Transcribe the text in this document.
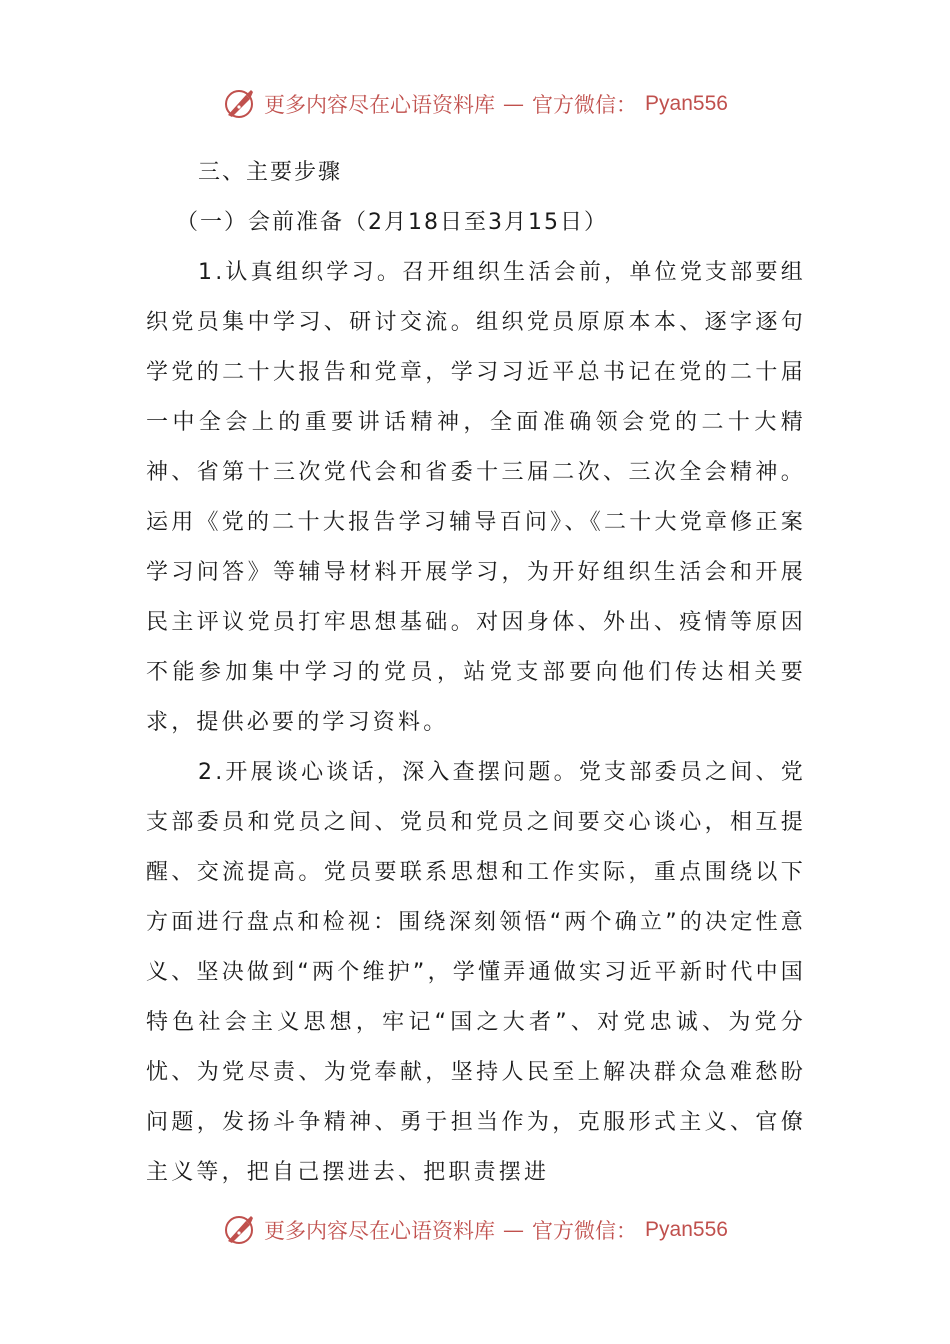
更多内容尽在心语资料库 — 官方微信： Pyan556
三、主要步骤
（一）会前准备（2月18日至3月15日）

1.认真组织学习。召开组织生活会前，单位党支部要组织党员集中学习、研讨交流。组织党员原原本本、逐字逐句学党的二十大报告和党章，学习习近平总书记在党的二十届一中全会上的重要讲话精神，全面准确领会党的二十大精神、省第十三次党代会和省委十三届二次、三次全会精神。运用《党的二十大报告学习辅导百问》、《二十大党章修正案学习问答》等辅导材料开展学习，为开好组织生活会和开展民主评议党员打牢思想基础。对因身体、外出、疫情等原因不能参加集中学习的党员，站党支部要向他们传达相关要求，提供必要的学习资料。

2.开展谈心谈话，深入查摆问题。党支部委员之间、党支部委员和党员之间、党员和党员之间要交心谈心，相互提醒、交流提高。党员要联系思想和工作实际，重点围绕以下方面进行盘点和检视：围绕深刻领悟“两个确立”的决定性意义、坚决做到“两个维护”，学懂弄通做实习近平新时代中国特色社会主义思想，牢记“国之大者”、对党忠诚、为党分忧、为党尽责、为党奉献，坚持人民至上解决群众急难愁盼问题，发扬斗争精神、勇于担当作为，克服形式主义、官僚主义等，把自己摆进去、把职责摆进

更多内容尽在心语资料库 — 官方微信： Pyan556
